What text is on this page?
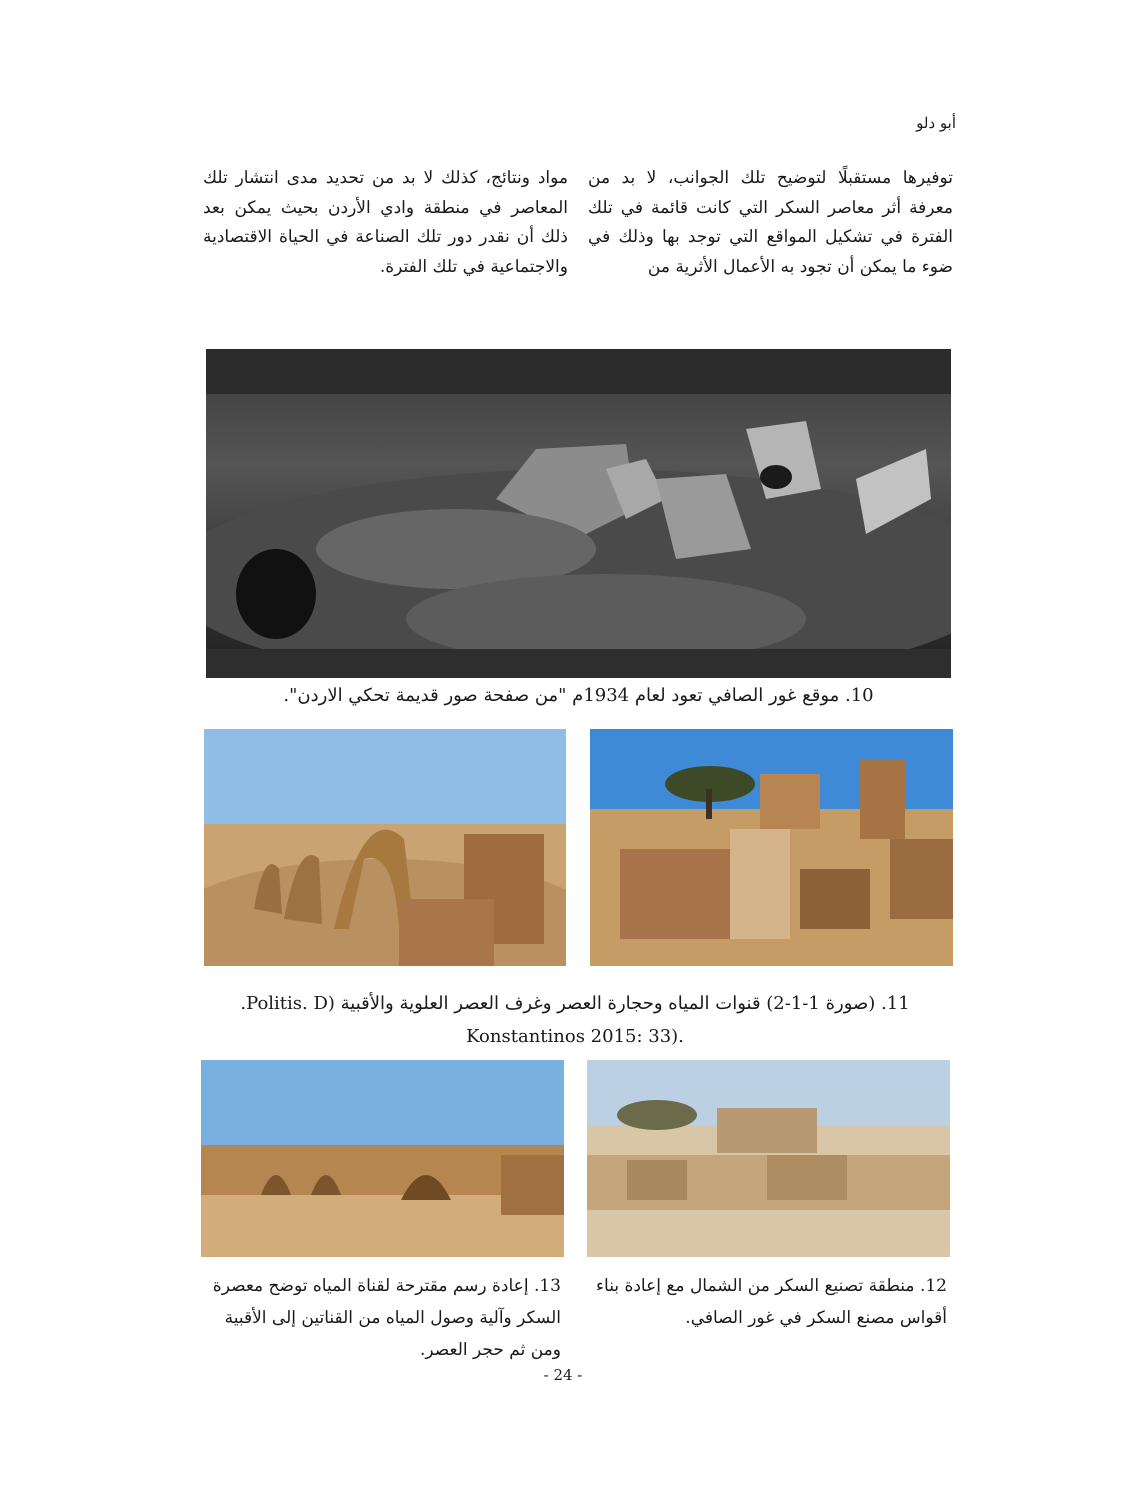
أبو دلو
توفيرها مستقبلًا لتوضيح تلك الجوانب، لا بد من معرفة أثر معاصر السكر التي كانت قائمة في تلك الفترة في تشكيل المواقع التي توجد بها وذلك في ضوء ما يمكن أن تجود به الأعمال الأثرية من
مواد ونتائج، كذلك لا بد من تحديد مدى انتشار تلك المعاصر في منطقة وادي الأردن بحيث يمكن بعد ذلك أن نقدر دور تلك الصناعة في الحياة الاقتصادية والاجتماعية في تلك الفترة.
10. موقع غور الصافي تعود لعام 1934م "من صفحة صور قديمة تحكي الاردن".
11. (صورة 1-1-2) قنوات المياه وحجارة العصر وغرف العصر العلوية والأقبية (Politis. D.
Konstantinos 2015: 33).
12. منطقة تصنيع السكر من الشمال مع إعادة بناء أقواس مصنع السكر في غور الصافي.
13. إعادة رسم مقترحة لقناة المياه توضح معصرة السكر وآلية وصول المياه من القناتين إلى الأقبية ومن ثم حجر العصر.
- 24 -
